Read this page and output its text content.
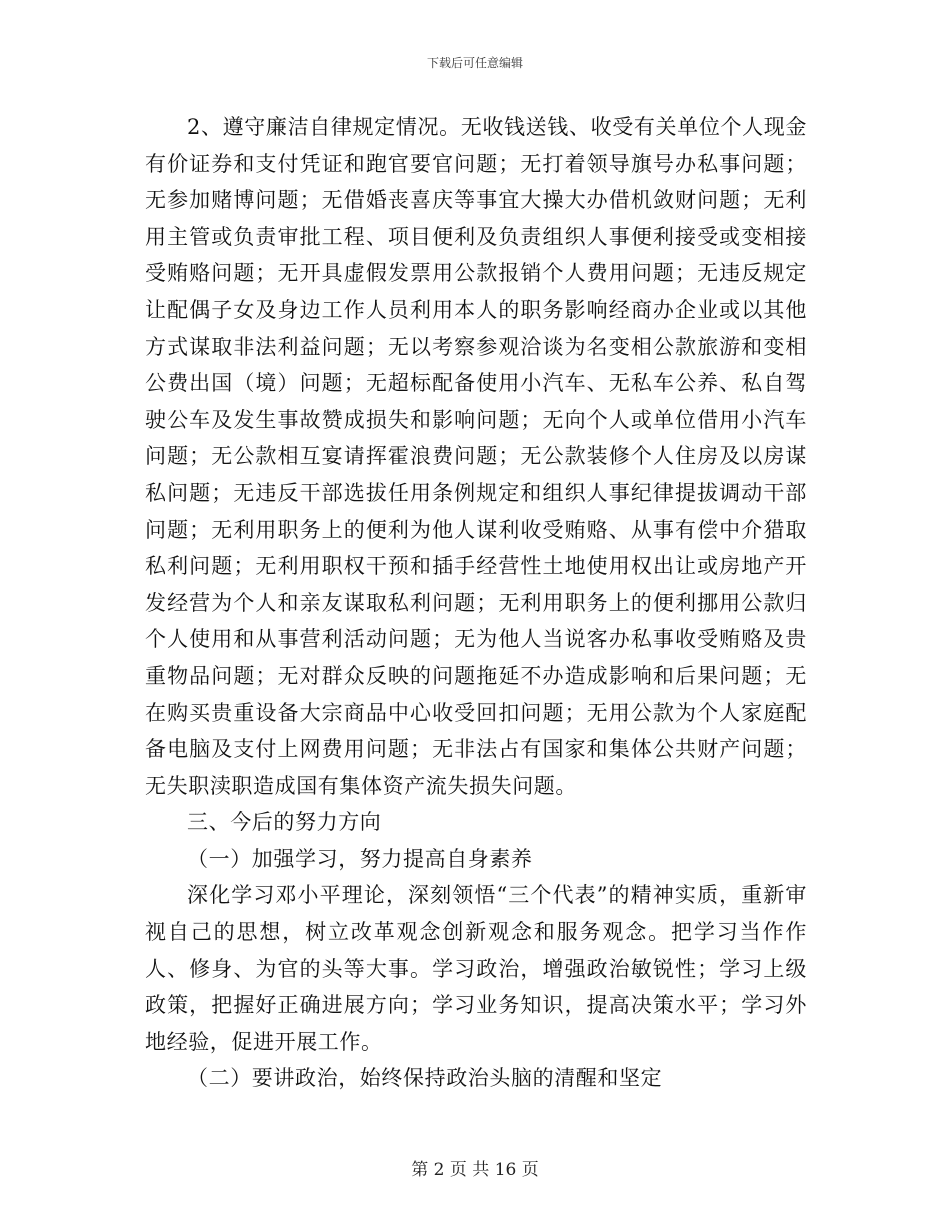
下载后可任意编辑

2、遵守廉洁自律规定情况。无收钱送钱、收受有关单位个人现金有价证券和支付凭证和跑官要官问题；无打着领导旗号办私事问题；无参加赌博问题；无借婚丧喜庆等事宜大操大办借机敛财问题；无利用主管或负责审批工程、项目便利及负责组织人事便利接受或变相接受贿赂问题；无开具虚假发票用公款报销个人费用问题；无违反规定让配偶子女及身边工作人员利用本人的职务影响经商办企业或以其他方式谋取非法利益问题；无以考察参观洽谈为名变相公款旅游和变相公费出国（境）问题；无超标配备使用小汽车、无私车公养、私自驾驶公车及发生事故赞成损失和影响问题；无向个人或单位借用小汽车问题；无公款相互宴请挥霍浪费问题；无公款装修个人住房及以房谋私问题；无违反干部选拔任用条例规定和组织人事纪律提拔调动干部问题；无利用职务上的便利为他人谋利收受贿赂、从事有偿中介猎取私利问题；无利用职权干预和插手经营性土地使用权出让或房地产开发经营为个人和亲友谋取私利问题；无利用职务上的便利挪用公款归个人使用和从事营利活动问题；无为他人当说客办私事收受贿赂及贵重物品问题；无对群众反映的问题拖延不办造成影响和后果问题；无在购买贵重设备大宗商品中心收受回扣问题；无用公款为个人家庭配备电脑及支付上网费用问题；无非法占有国家和集体公共财产问题；无失职渎职造成国有集体资产流失损失问题。

三、今后的努力方向

（一）加强学习，努力提高自身素养

深化学习邓小平理论，深刻领悟“三个代表”的精神实质，重新审视自己的思想，树立改革观念创新观念和服务观念。把学习当作作人、修身、为官的头等大事。学习政治，增强政治敏锐性；学习上级政策，把握好正确进展方向；学习业务知识，提高决策水平；学习外地经验，促进开展工作。

（二）要讲政治，始终保持政治头脑的清醒和坚定

第 2 页 共 16 页
